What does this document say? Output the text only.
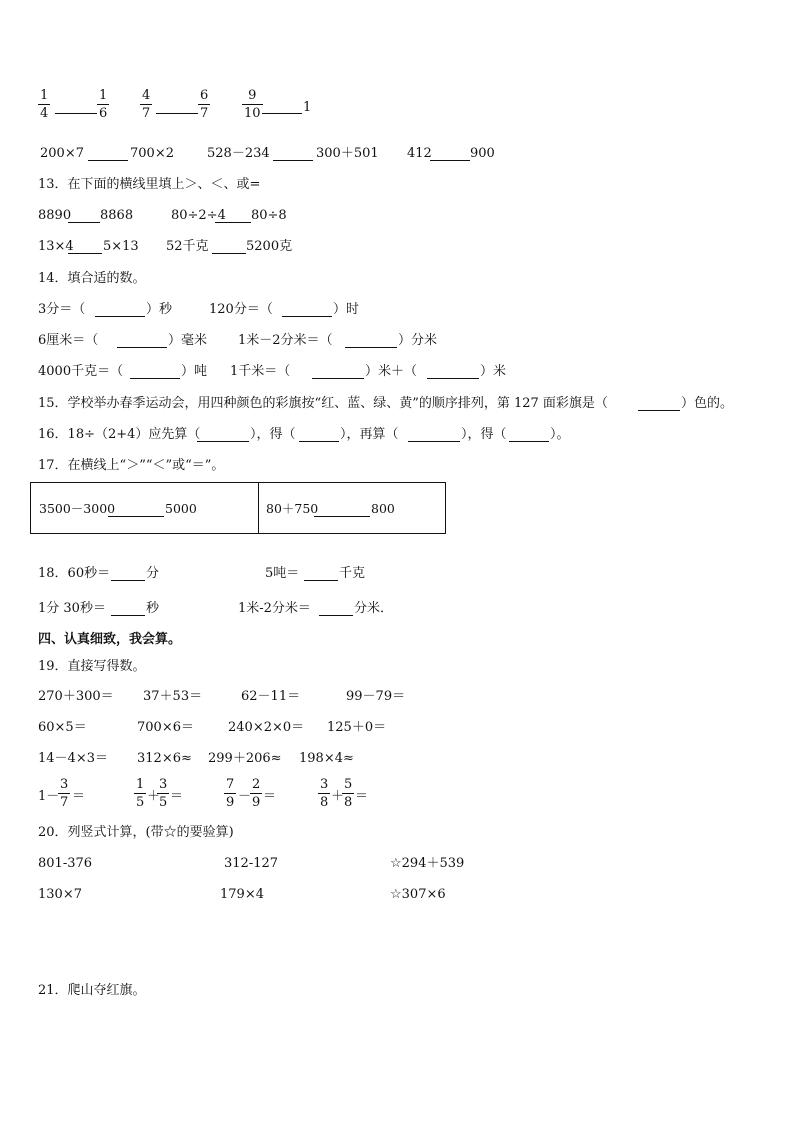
1
4
1
6
4
7
6
7
9
10	1
200×7	700×2	528－234	300＋501 412	900
13．在下面的横线里填上＞、＜、或=
8890 8868	80÷2÷4 80÷8
13×4 5×13 52千克	5200克
14．填合适的数。
3分＝（	）秒	120分＝（	）时
6厘米＝（	）毫米 1米－2分米＝（	）分米
4000千克＝（	）吨 1千米＝（	）米＋（	）米
15．学校举办春季运动会，用四种颜色的彩旗按“红、蓝、绿、黄”的顺序排列，第 127 面彩旗是（	）色的。
16．18÷（2+4）应先算（	），得（	），再算（	），得（	）。
17．在横线上“＞”“＜”或“＝”。
3500－3000	5000	80＋750	800
18．60秒＝	分	5吨＝	千克
1分 30秒＝	秒	1米-2分米＝	分米．
四、认真细致，我会算。
19．直接写得数。
270＋300＝ 37＋53＝	62－11＝	99－79＝
60×5＝	700×6＝	240×2×0＝ 125＋0＝
14－4×3＝ 312×6≈ 299＋206≈ 198×4≈
1－
3
7 ＝
1
5 ＋
3
5 ＝
7
9 －
2
9 ＝
3
8 ＋
5
8 ＝
20．列竖式计算，(带☆的要验算)
801-376	312-127	☆294＋539
130×7	179×4	☆307×6
21．爬山夺红旗。
